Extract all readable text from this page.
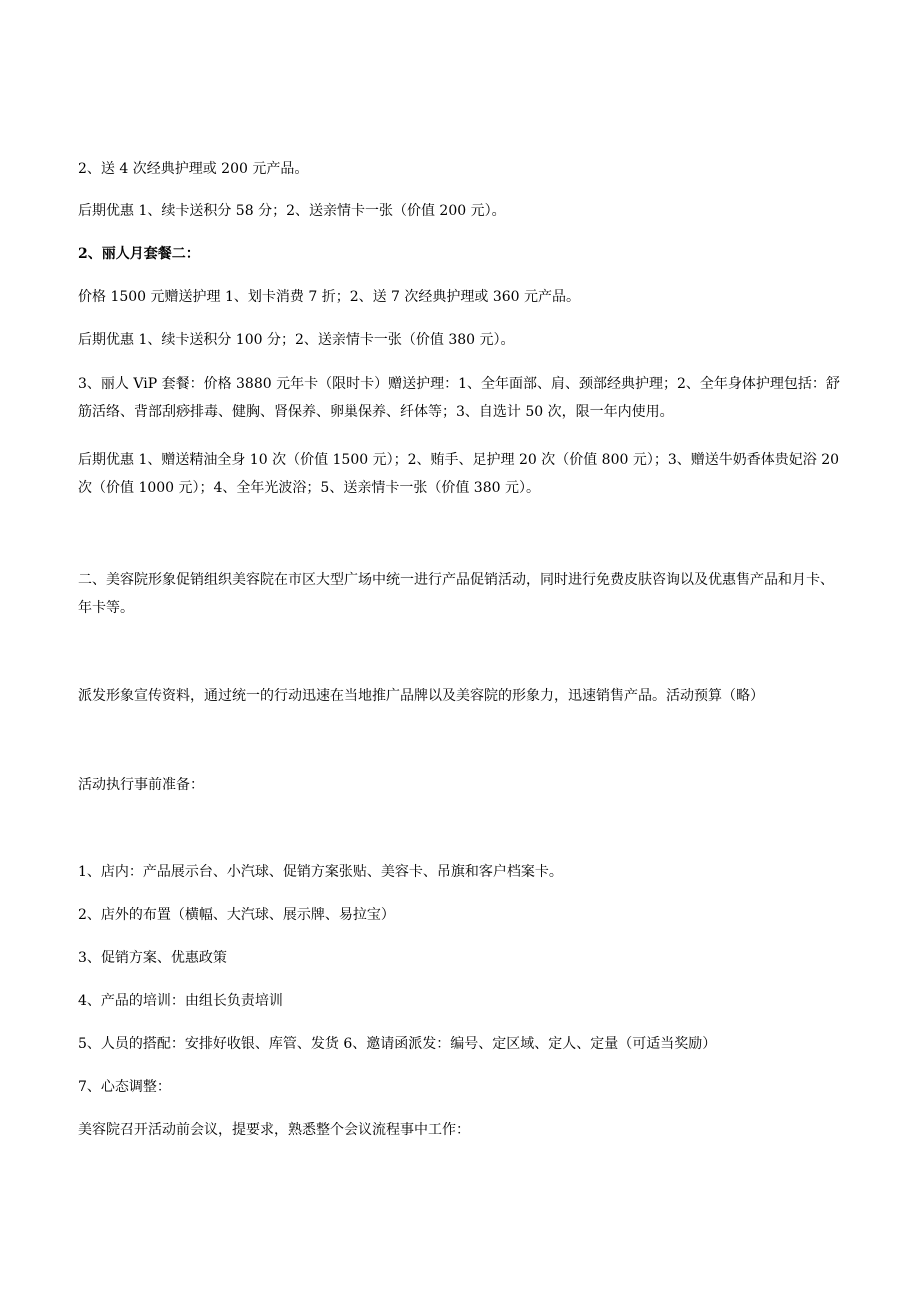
2、送 4 次经典护理或 200 元产品。

后期优惠 1、续卡送积分 58 分；2、送亲情卡一张（价值 200 元）。

2、丽人月套餐二：

价格 1500 元赠送护理 1、划卡消费 7 折；2、送 7 次经典护理或 360 元产品。

后期优惠 1、续卡送积分 100 分；2、送亲情卡一张（价值 380 元）。

3、丽人 ViP 套餐：价格 3880 元年卡（限时卡）赠送护理：1、全年面部、肩、颈部经典护理；2、全年身体护理包括：舒筋活络、背部刮痧排毒、健胸、肾保养、卵巢保养、纤体等；3、自选计 50 次，限一年内使用。

后期优惠 1、赠送精油全身 10 次（价值 1500 元）；2、贿手、足护理 20 次（价值 800 元）；3、赠送牛奶香体贵妃浴 20 次（价值 1000 元）；4、全年光波浴；5、送亲情卡一张（价值 380 元）。

二、美容院形象促销组织美容院在市区大型广场中统一进行产品促销活动，同时进行免费皮肤咨询以及优惠售产品和月卡、年卡等。

派发形象宣传资料，通过统一的行动迅速在当地推广品牌以及美容院的形象力，迅速销售产品。活动预算（略）

活动执行事前准备：

1、店内：产品展示台、小汽球、促销方案张贴、美容卡、吊旗和客户档案卡。

2、店外的布置（横幅、大汽球、展示牌、易拉宝）

3、促销方案、优惠政策

4、产品的培训：由组长负责培训

5、人员的搭配：安排好收银、库管、发货 6、邀请函派发：编号、定区域、定人、定量（可适当奖励）

7、心态调整：

美容院召开活动前会议，提要求，熟悉整个会议流程事中工作：
